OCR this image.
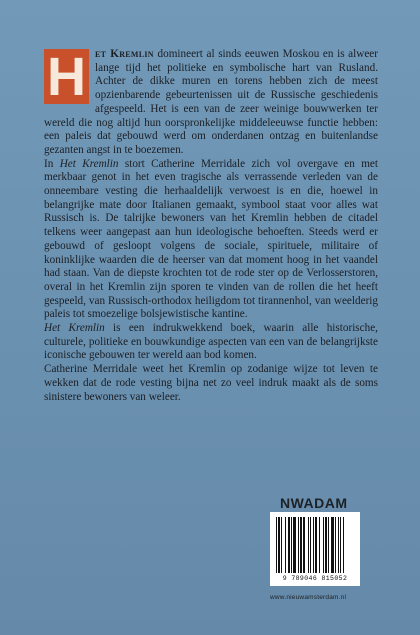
H et Kremlin domineert al sinds eeuwen Moskou en is alweer lange tijd het politieke en symbolische hart van Rusland. Achter de dikke muren en torens hebben zich de meest opzienbarende gebeurtenissen uit de Russische geschiedenis afgespeeld. Het is een van de zeer weinige bouwwerken ter wereld die nog altijd hun oorspronkelijke middeleeuwse functie hebben: een paleis dat gebouwd werd om onderdanen ontzag en buitenlandse gezanten angst in te boezemen.

In Het Kremlin stort Catherine Merridale zich vol overgave en met merkbaar genot in het even tragische als verrassende verleden van de onneembare vesting die herhaaldelijk verwoest is en die, hoewel in belangrijke mate door Italianen gemaakt, symbool staat voor alles wat Russisch is. De talrijke bewoners van het Kremlin hebben de citadel telkens weer aangepast aan hun ideologische behoeften. Steeds werd er gebouwd of gesloopt volgens de sociale, spirituele, militaire of koninklijke waarden die de heerser van dat moment hoog in het vaandel had staan. Van de diepste krochten tot de rode ster op de Verlosserstoren, overal in het Kremlin zijn sporen te vinden van de rollen die het heeft gespeeld, van Russisch-orthodox heiligdom tot tirannenhol, van weelderig paleis tot smoezelige bolsjewistische kantine.

Het Kremlin is een indrukwekkend boek, waarin alle historische, culturele, politieke en bouwkundige aspecten van een van de belangrijkste iconische gebouwen ter wereld aan bod komen.

Catherine Merridale weet het Kremlin op zodanige wijze tot leven te wekken dat de rode vesting bijna net zo veel indruk maakt als de soms sinistere bewoners van weleer.

NWADAM
9 789046 815052
www.nieuwamsterdam.nl
